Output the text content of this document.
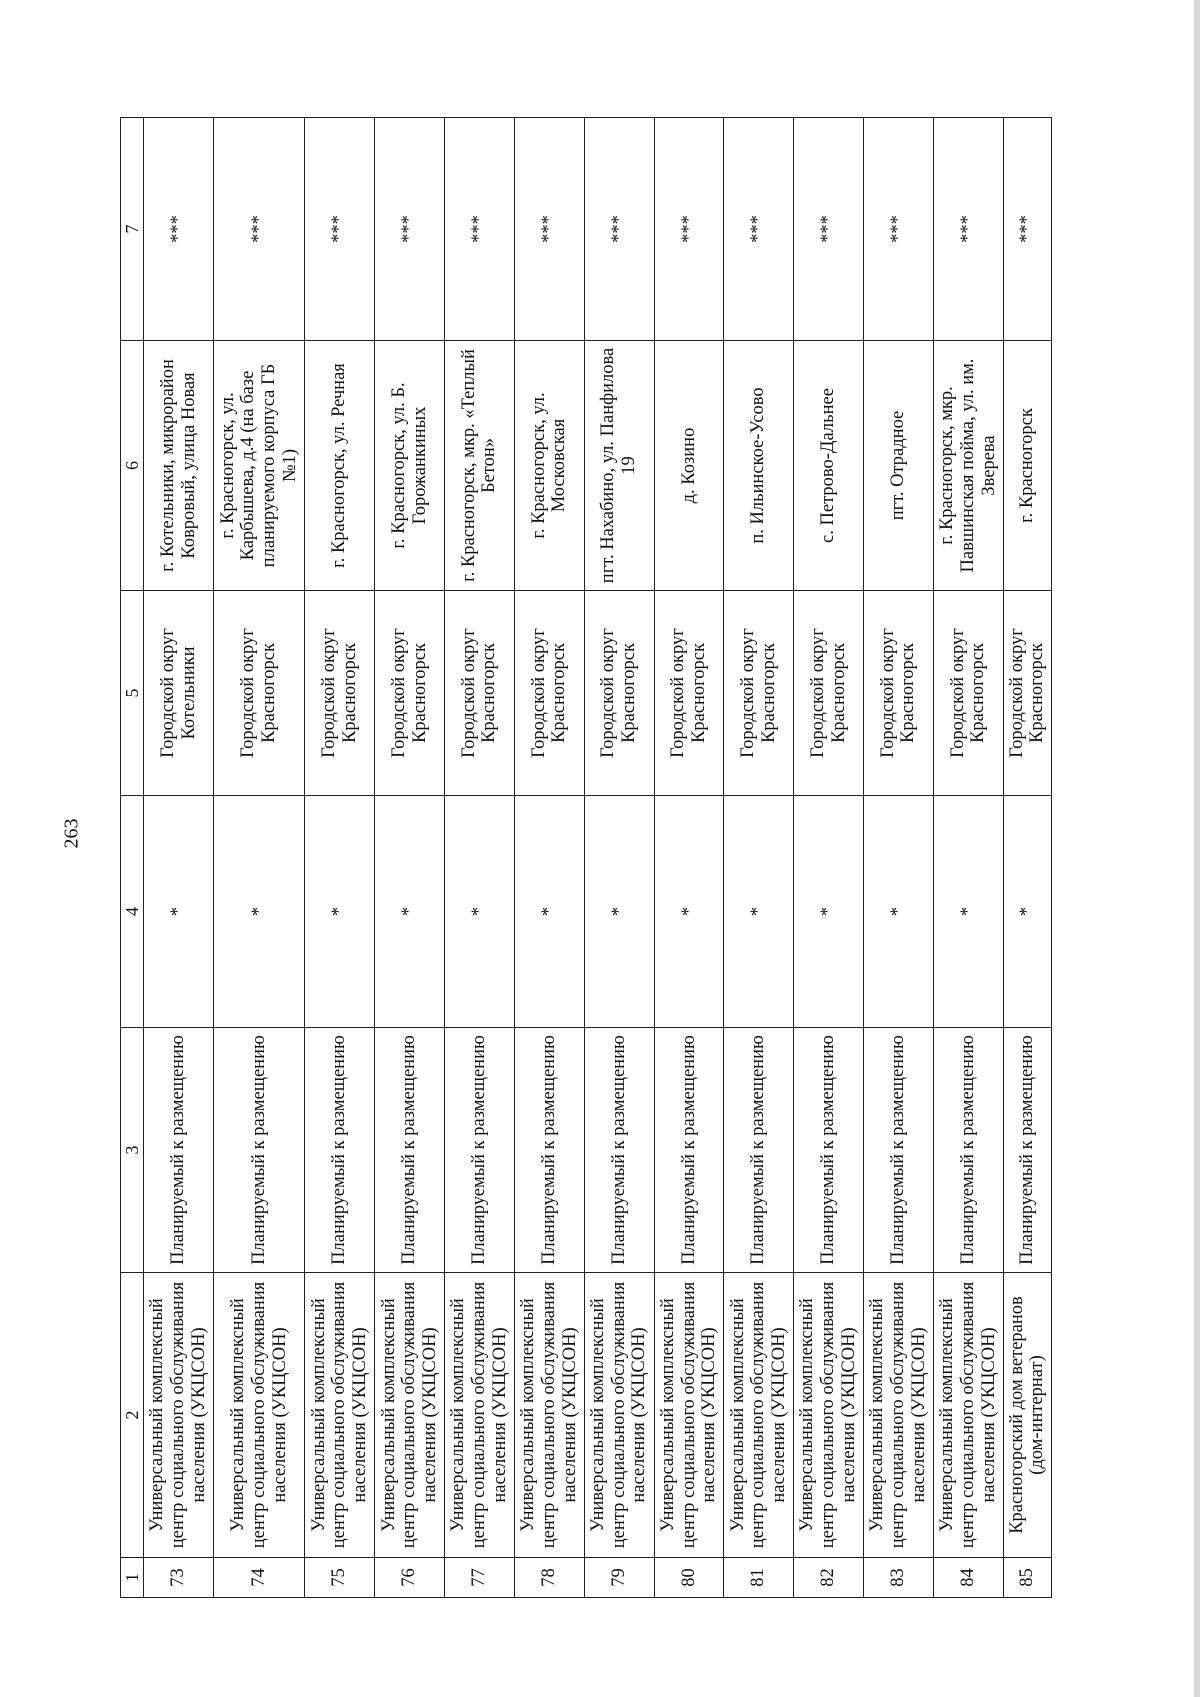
263
1	2	3	4	5	6	7
73	Универсальный комплексный центр социального обслуживания населения (УКЦСОН)	Планируемый к размещению	*	Городской округ Котельники	г. Котельники, микрорайон Ковровый, улица Новая	***
74	Универсальный комплексный центр социального обслуживания населения (УКЦСОН)	Планируемый к размещению	*	Городской округ Красногорск	г. Красногорск, ул. Карбышева, д.4 (на базе планируемого корпуса ГБ №1)	***
75	Универсальный комплексный центр социального обслуживания населения (УКЦСОН)	Планируемый к размещению	*	Городской округ Красногорск	г. Красногорск, ул. Речная	***
76	Универсальный комплексный центр социального обслуживания населения (УКЦСОН)	Планируемый к размещению	*	Городской округ Красногорск	г. Красногорск, ул. Б. Горожанкиных	***
77	Универсальный комплексный центр социального обслуживания населения (УКЦСОН)	Планируемый к размещению	*	Городской округ Красногорск	г. Красногорск, мкр. «Теплый Бетон»	***
78	Универсальный комплексный центр социального обслуживания населения (УКЦСОН)	Планируемый к размещению	*	Городской округ Красногорск	г. Красногорск, ул. Московская	***
79	Универсальный комплексный центр социального обслуживания населения (УКЦСОН)	Планируемый к размещению	*	Городской округ Красногорск	пгт. Нахабино, ул. Панфилова 19	***
80	Универсальный комплексный центр социального обслуживания населения (УКЦСОН)	Планируемый к размещению	*	Городской округ Красногорск	д. Козино	***
81	Универсальный комплексный центр социального обслуживания населения (УКЦСОН)	Планируемый к размещению	*	Городской округ Красногорск	п. Ильинское-Усово	***
82	Универсальный комплексный центр социального обслуживания населения (УКЦСОН)	Планируемый к размещению	*	Городской округ Красногорск	с. Петрово-Дальнее	***
83	Универсальный комплексный центр социального обслуживания населения (УКЦСОН)	Планируемый к размещению	*	Городской округ Красногорск	пгт. Отрадное	***
84	Универсальный комплексный центр социального обслуживания населения (УКЦСОН)	Планируемый к размещению	*	Городской округ Красногорск	г. Красногорск, мкр. Павшинская пойма, ул. им. Зверева	***
85	Красногорский дом ветеранов (дом-интернат)	Планируемый к размещению	*	Городской округ Красногорск	г. Красногорск	***
